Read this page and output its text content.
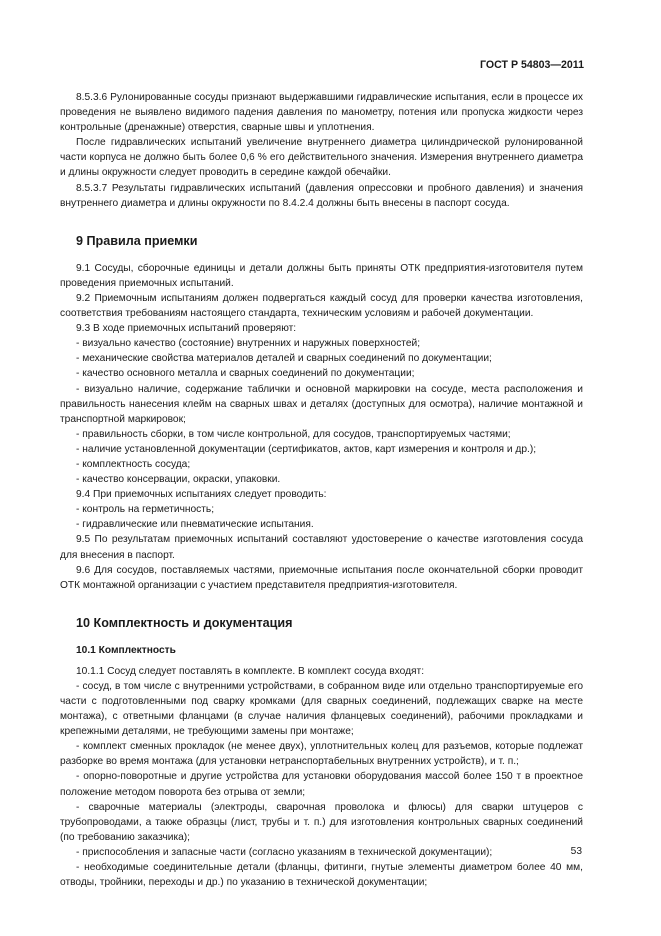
ГОСТ Р 54803—2011

8.5.3.6 Рулонированные сосуды признают выдержавшими гидравлические испытания, если в процессе их проведения не выявлено видимого падения давления по манометру, потения или пропуска жидкости через контрольные (дренажные) отверстия, сварные швы и уплотнения.

После гидравлических испытаний увеличение внутреннего диаметра цилиндрической рулонированной части корпуса не должно быть более 0,6 % его действительного значения. Измерения внутреннего диаметра и длины окружности следует проводить в середине каждой обечайки.

8.5.3.7 Результаты гидравлических испытаний (давления опрессовки и пробного давления) и значения внутреннего диаметра и длины окружности по 8.4.2.4 должны быть внесены в паспорт сосуда.

9 Правила приемки

9.1 Сосуды, сборочные единицы и детали должны быть приняты ОТК предприятия-изготовителя путем проведения приемочных испытаний.

9.2 Приемочным испытаниям должен подвергаться каждый сосуд для проверки качества изготовления, соответствия требованиям настоящего стандарта, техническим условиям и рабочей документации.

9.3 В ходе приемочных испытаний проверяют:

- визуально качество (состояние) внутренних и наружных поверхностей;

- механические свойства материалов деталей и сварных соединений по документации;

- качество основного металла и сварных соединений по документации;

- визуально наличие, содержание таблички и основной маркировки на сосуде, места расположения и правильность нанесения клейм на сварных швах и деталях (доступных для осмотра), наличие монтажной и транспортной маркировок;

- правильность сборки, в том числе контрольной, для сосудов, транспортируемых частями;

- наличие установленной документации (сертификатов, актов, карт измерения и контроля и др.);

- комплектность сосуда;

- качество консервации, окраски, упаковки.

9.4 При приемочных испытаниях следует проводить:

- контроль на герметичность;

- гидравлические или пневматические испытания.

9.5 По результатам приемочных испытаний составляют удостоверение о качестве изготовления сосуда для внесения в паспорт.

9.6 Для сосудов, поставляемых частями, приемочные испытания после окончательной сборки проводит ОТК монтажной организации с участием представителя предприятия-изготовителя.

10 Комплектность и документация
10.1 Комплектность

10.1.1 Сосуд следует поставлять в комплекте. В комплект сосуда входят:

- сосуд, в том числе с внутренними устройствами, в собранном виде или отдельно транспортируемые его части с подготовленными под сварку кромками (для сварных соединений, подлежащих сварке на месте монтажа), с ответными фланцами (в случае наличия фланцевых соединений), рабочими прокладками и крепежными деталями, не требующими замены при монтаже;

- комплект сменных прокладок (не менее двух), уплотнительных колец для разъемов, которые подлежат разборке во время монтажа (для установки нетранспортабельных внутренних устройств), и т. п.;

- опорно-поворотные и другие устройства для установки оборудования массой более 150 т в проектное положение методом поворота без отрыва от земли;

- сварочные материалы (электроды, сварочная проволока и флюсы) для сварки штуцеров с трубопроводами, а также образцы (лист, трубы и т. п.) для изготовления контрольных сварных соединений (по требованию заказчика);

- приспособления и запасные части (согласно указаниям в технической документации);

- необходимые соединительные детали (фланцы, фитинги, гнутые элементы диаметром более 40 мм, отводы, тройники, переходы и др.) по указанию в технической документации;

53
